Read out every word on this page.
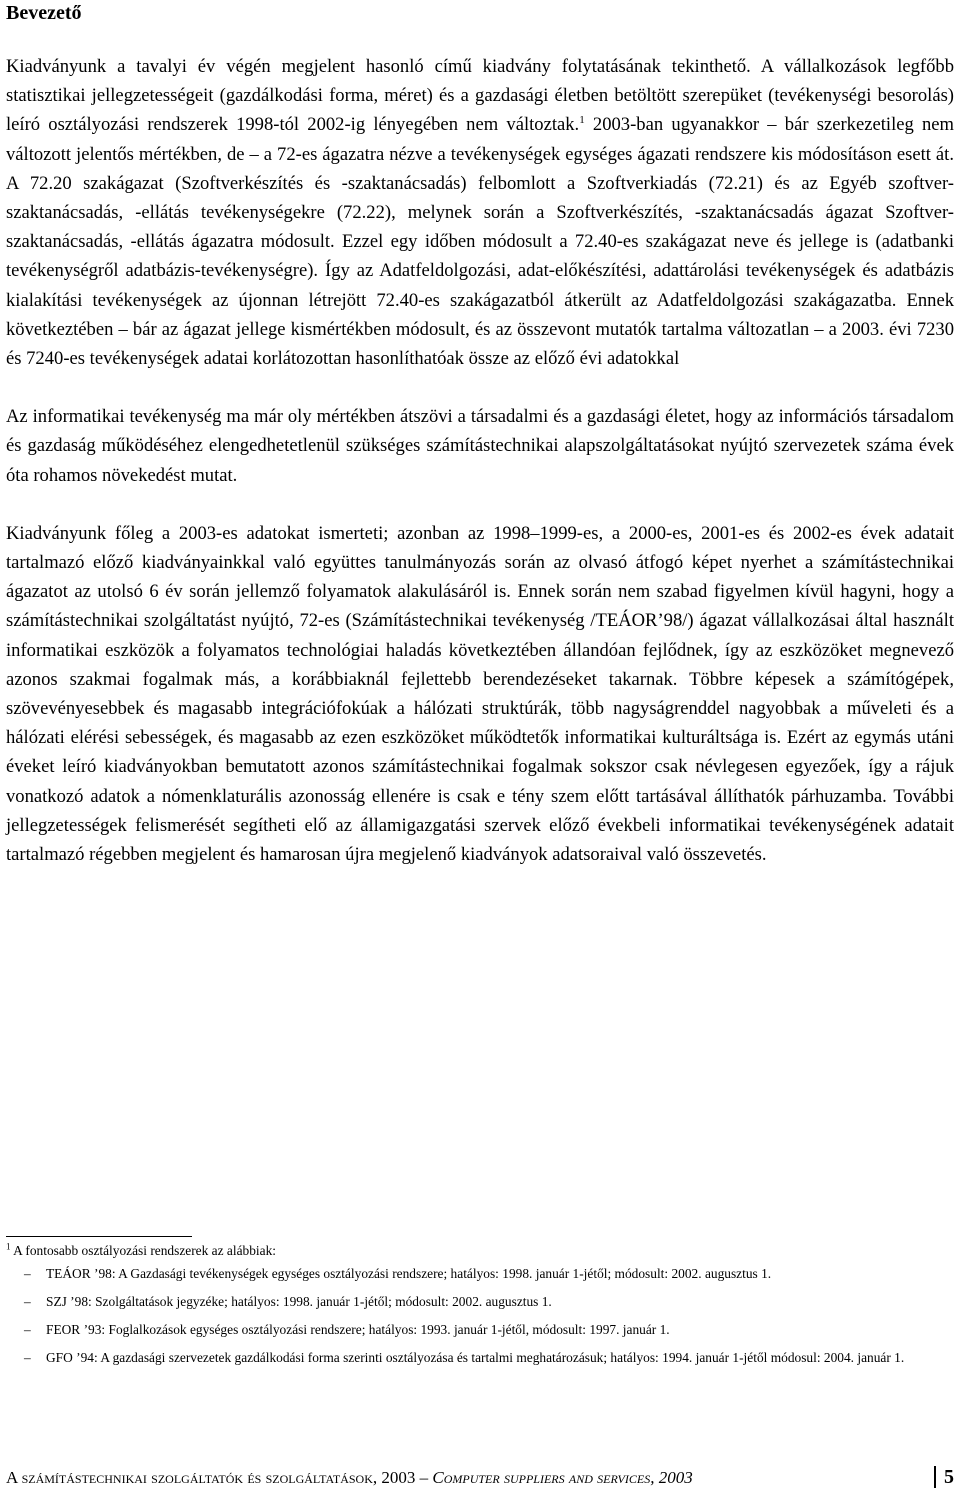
Bevezető

Kiadványunk a tavalyi év végén megjelent hasonló című kiadvány folytatásának tekinthető. A vállalkozások legfőbb statisztikai jellegzetességeit (gazdálkodási forma, méret) és a gazdasági életben betöltött szerepüket (tevékenységi besorolás) leíró osztályozási rendszerek 1998-tól 2002-ig lényegében nem változtak.$^1$ 2003-ban ugyanakkor – bár szerkezetileg nem változott jelentős mértékben, de – a 72-es ágazatra nézve a tevékenységek egységes ágazati rendszere kis módosításon esett át. A 72.20 szakágazat (Szoftverkészítés és -szaktanácsadás) felbomlott a Szoftverkiadás (72.21) és az Egyéb szoftver-szaktanácsadás, -ellátás tevékenységekre (72.22), melynek során a Szoftverkészítés, -szaktanácsadás ágazat Szoftver-szaktanácsadás, -ellátás ágazatra módosult. Ezzel egy időben módosult a 72.40-es szakágazat neve és jellege is (adatbanki tevékenységről adatbázis-tevékenységre). Így az Adatfeldolgozási, adat-előkészítési, adattárolási tevékenységek és adatbázis kialakítási tevékenységek az újonnan létrejött 72.40-es szakágazatból átkerült az Adatfeldolgozási szakágazatba. Ennek következtében – bár az ágazat jellege kismértékben módosult, és az összevont mutatók tartalma változatlan – a 2003. évi 7230 és 7240-es tevékenységek adatai korlátozottan hasonlíthatóak össze az előző évi adatokkal

Az informatikai tevékenység ma már oly mértékben átszövi a társadalmi és a gazdasági életet, hogy az információs társadalom és gazdaság működéséhez elengedhetetlenül szükséges számítástechnikai alapszolgáltatásokat nyújtó szervezetek száma évek óta rohamos növekedést mutat.

Kiadványunk főleg a 2003-es adatokat ismerteti; azonban az 1998–1999-es, a 2000-es, 2001-es és 2002-es évek adatait tartalmazó előző kiadványainkkal való együttes tanulmányozás során az olvasó átfogó képet nyerhet a számítástechnikai ágazatot az utolsó 6 év során jellemző folyamatok alakulásáról is. Ennek során nem szabad figyelmen kívül hagyni, hogy a számítástechnikai szolgáltatást nyújtó, 72-es (Számítástechnikai tevékenység /TEÁOR’98/) ágazat vállalkozásai által használt informatikai eszközök a folyamatos technológiai haladás következtében állandóan fejlődnek, így az eszközöket megnevező azonos szakmai fogalmak más, a korábbiaknál fejlettebb berendezéseket takarnak. Többre képesek a számítógépek, szövevényesebbek és magasabb integrációfokúak a hálózati struktúrák, több nagyságrenddel nagyobbak a műveleti és a hálózati elérési sebességek, és magasabb az ezen eszközöket működtetők informatikai kulturáltsága is. Ezért az egymás utáni éveket leíró kiadványokban bemutatott azonos számítástechnikai fogalmak sokszor csak névlegesen egyezőek, így a rájuk vonatkozó adatok a nómenklaturális azonosság ellenére is csak e tény szem előtt tartásával állíthatók párhuzamba. További jellegzetességek felismerését segítheti elő az államigazgatási szervek előző évekbeli informatikai tevékenységének adatait tartalmazó régebben megjelent és hamarosan újra megjelenő kiadványok adatsoraival való összevetés.

$^1$ A fontosabb osztályozási rendszerek az alábbiak:
– TEÁOR ’98: A Gazdasági tevékenységek egységes osztályozási rendszere; hatályos: 1998. január 1-jétől; módosult: 2002. augusztus 1.
– SZJ ’98: Szolgáltatások jegyzéke; hatályos: 1998. január 1-jétől; módosult: 2002. augusztus 1.
– FEOR ’93: Foglalkozások egységes osztályozási rendszere; hatályos: 1993. január 1-jétől, módosult: 1997. január 1.
– GFO ’94: A gazdasági szervezetek gazdálkodási forma szerinti osztályozása és tartalmi meghatározásuk; hatályos: 1994. január 1-jétől módosul: 2004. január 1.
A számítástechnikai szolgáltatók és szolgáltatások, 2003 – Computer suppliers and services, 2003	5
